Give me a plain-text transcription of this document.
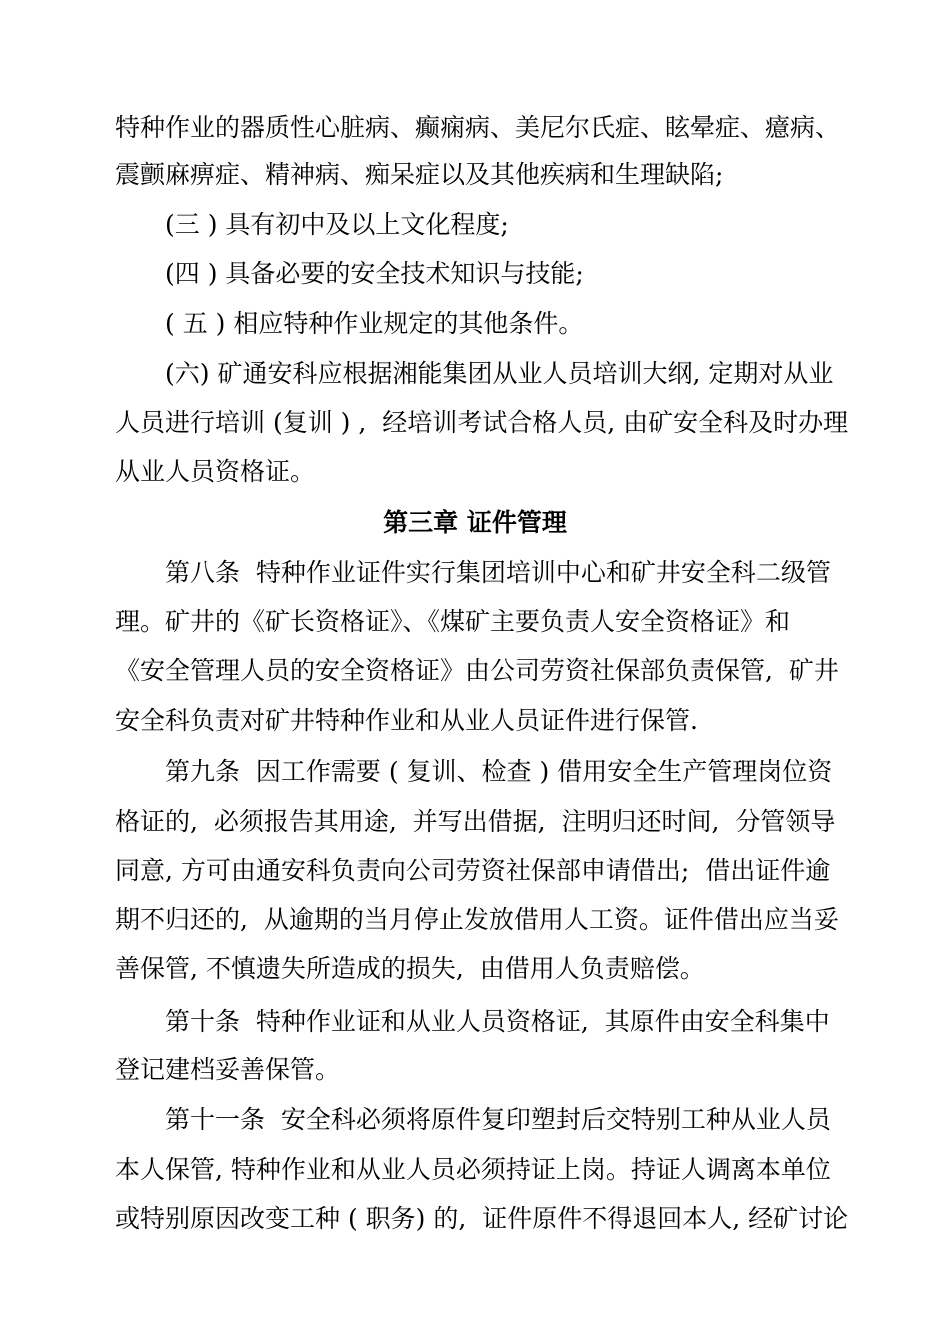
特种作业的器质性心脏病、癫痫病、美尼尔氏症、眩晕症、癔病、
震颤麻痹症、精神病、痴呆症以及其他疾病和生理缺陷;
(三 ) 具有初中及以上文化程度;
(四 ) 具备必要的安全技术知识与技能;
( 五 ) 相应特种作业规定的其他条件。
(六) 矿通安科应根据湘能集团从业人员培训大纲, 定期对从业
人员进行培训 (复训 ) ,  经培训考试合格人员, 由矿安全科及时办理
从业人员资格证。
第三章 证件管理
第八条  特种作业证件实行集团培训中心和矿井安全科二级管
理。矿井的《矿长资格证》、《煤矿主要负责人安全资格证》和
《安全管理人员的安全资格证》由公司劳资社保部负责保管,  矿井
安全科负责对矿井特种作业和从业人员证件进行保管.
第九条  因工作需要 ( 复训、检查 ) 借用安全生产管理岗位资
格证的,  必须报告其用途,  并写出借据,  注明归还时间,  分管领导
同意, 方可由通安科负责向公司劳资社保部申请借出;  借出证件逾
期不归还的,  从逾期的当月停止发放借用人工资。证件借出应当妥
善保管, 不慎遗失所造成的损失,  由借用人负责赔偿。
第十条  特种作业证和从业人员资格证,  其原件由安全科集中
登记建档妥善保管。
第十一条  安全科必须将原件复印塑封后交特别工种从业人员
本人保管, 特种作业和从业人员必须持证上岗。持证人调离本单位
或特别原因改变工种 ( 职务) 的,  证件原件不得退回本人, 经矿讨论
